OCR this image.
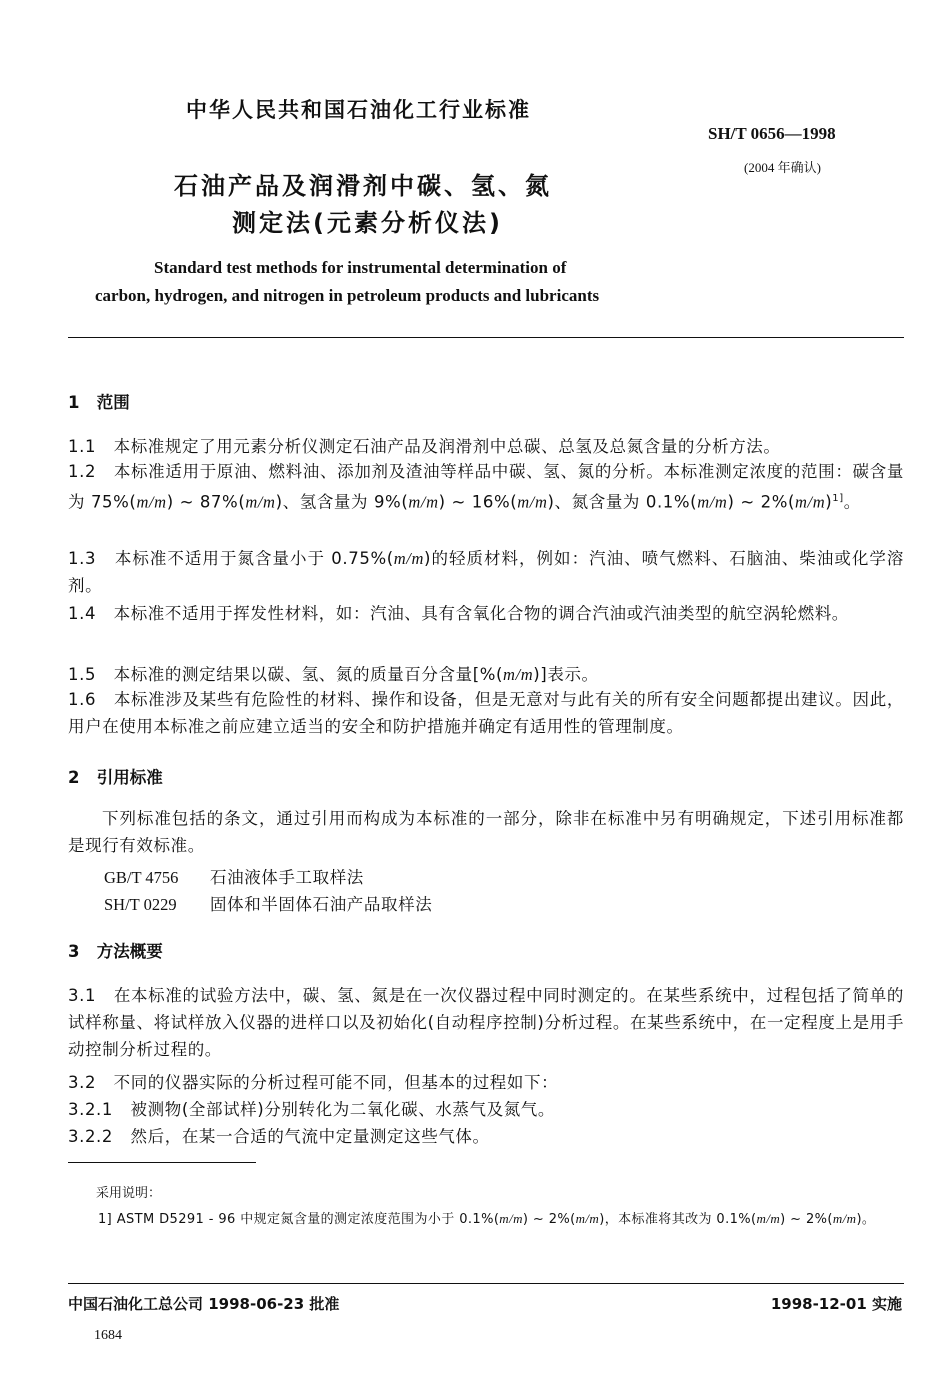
中华人民共和国石油化工行业标准
SH/T 0656—1998
(2004 年确认)
石油产品及润滑剂中碳、氢、氮
测定法(元素分析仪法)
Standard test methods for instrumental determination of
carbon, hydrogen, and nitrogen in petroleum products and lubricants
1 范围
1.1 本标准规定了用元素分析仪测定石油产品及润滑剂中总碳、总氢及总氮含量的分析方法。
1.2 本标准适用于原油、燃料油、添加剂及渣油等样品中碳、氢、氮的分析。本标准测定浓度的范围：碳含量为 75%(m/m) ~ 87%(m/m)、氢含量为 9%(m/m) ~ 16%(m/m)、氮含量为 0.1%(m/m) ~ $2\%(m/m)^{1]}$。
1.3 本标准不适用于氮含量小于 0.75%(m/m)的轻质材料，例如：汽油、喷气燃料、石脑油、柴油或化学溶剂。
1.4 本标准不适用于挥发性材料，如：汽油、具有含氧化合物的调合汽油或汽油类型的航空涡轮燃料。
1.5 本标准的测定结果以碳、氢、氮的质量百分含量[%(m/m)]表示。
1.6 本标准涉及某些有危险性的材料、操作和设备，但是无意对与此有关的所有安全问题都提出建议。因此，用户在使用本标准之前应建立适当的安全和防护措施并确定有适用性的管理制度。
2 引用标准
下列标准包括的条文，通过引用而构成为本标准的一部分，除非在标准中另有明确规定，下述引用标准都是现行有效标准。
GB/T 4756 石油液体手工取样法
SH/T 0229 固体和半固体石油产品取样法
3 方法概要
3.1 在本标准的试验方法中，碳、氢、氮是在一次仪器过程中同时测定的。在某些系统中，过程包括了简单的试样称量、将试样放入仪器的进样口以及初始化(自动程序控制)分析过程。在某些系统中，在一定程度上是用手动控制分析过程的。
3.2 不同的仪器实际的分析过程可能不同，但基本的过程如下：
3.2.1 被测物(全部试样)分别转化为二氧化碳、水蒸气及氮气。
3.2.2 然后，在某一合适的气流中定量测定这些气体。
采用说明：
1] ASTM D5291 - 96 中规定氮含量的测定浓度范围为小于 0.1%(m/m) ~ 2%(m/m)，本标准将其改为 0.1%(m/m) ~ 2%(m/m)。
中国石油化工总公司 1998-06-23 批准	1998-12-01 实施
1684
